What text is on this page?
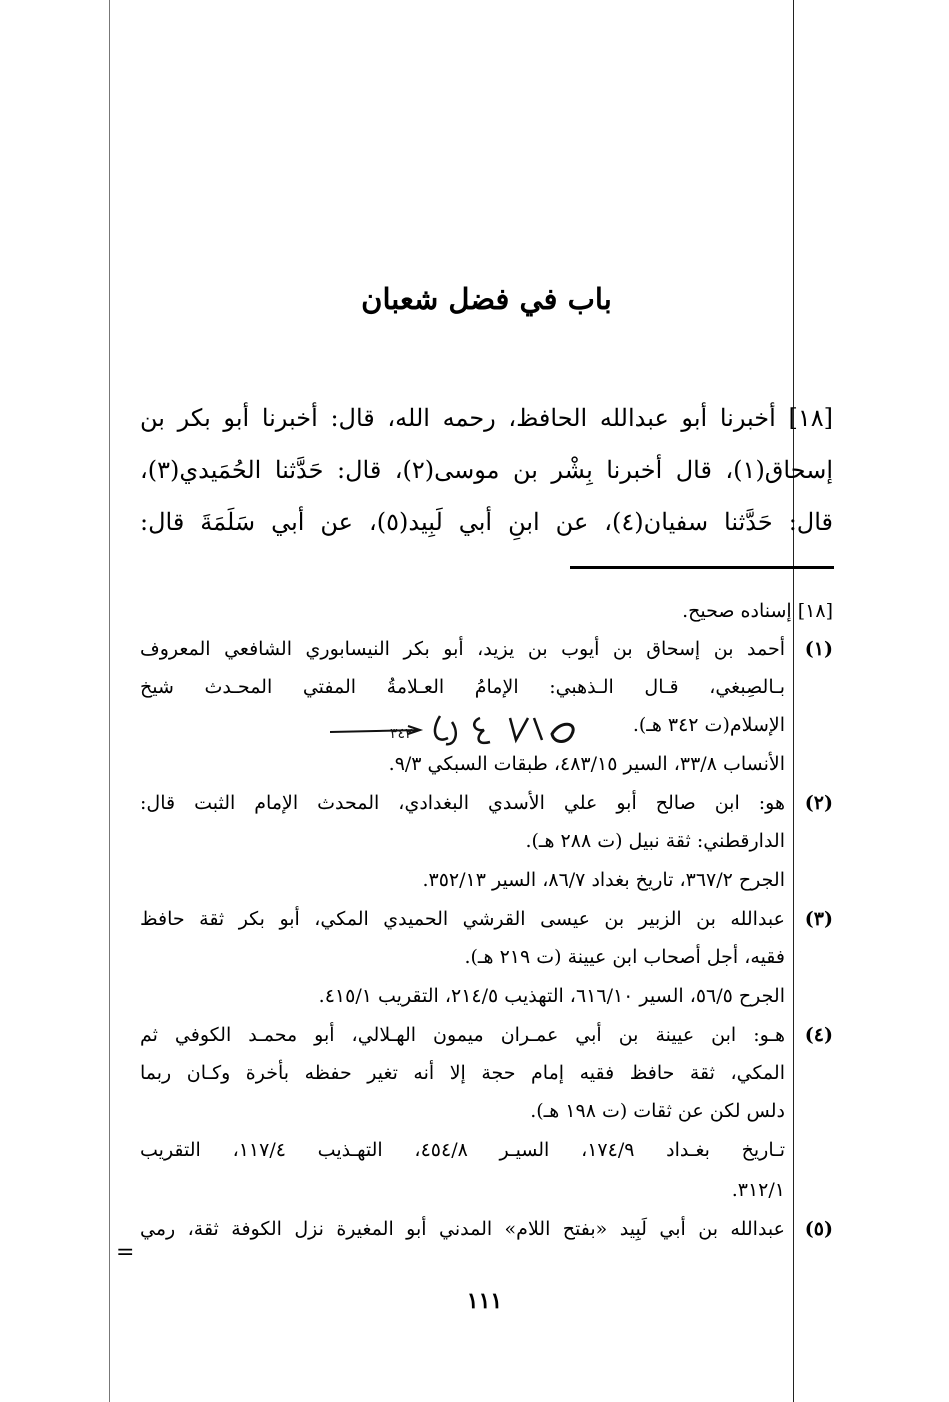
باب في فضل شعبان
[١٨] أخبرنا أبو عبدالله الحافظ، رحمه الله، قال: أخبرنا أبو بكر بن
إسحاق(١)، قال أخبرنا بِشْر بن موسى(٢)، قال: حَدَّثنا الحُمَيدي(٣)،
قال: حَدَّثنا سفيان(٤)، عن ابنِ أبي لَبِيد(٥)، عن أبي سَلَمَةَ قال:
[١٨] إسناده صحيح.
(١)
أحمد بن إسحاق بن أيوب بن يزيد، أبو بكر النيسابوري الشافعي المعروف
بـالصِبغي، قـال الـذهبي: الإمامُ العـلامةُ المفتي المحـدث شيخ
الإسلام(ت ٣٤٢ هـ).
الأنساب ٣٣/٨، السير ٤٨٣/١٥، طبقات السبكي ٩/٣.
(٢)
هو: ابن صالح أبو علي الأسدي البغدادي، المحدث الإمام الثبت قال:
الدارقطني: ثقة نبيل (ت ٢٨٨ هـ).
الجرح ٣٦٧/٢، تاريخ بغداد ٨٦/٧، السير ٣٥٢/١٣.
(٣)
عبدالله بن الزبير بن عيسى القرشي الحميدي المكي، أبو بكر ثقة حافظ
فقيه، أجل أصحاب ابن عيينة (ت ٢١٩ هـ).
الجرح ٥٦/٥، السير ٦١٦/١٠، التهذيب ٢١٤/٥، التقريب ٤١٥/١.
(٤)
هـو: ابن عيينة بن أبي عمـران ميمون الهـلالي، أبو محمـد الكوفي ثم
المكي، ثقة حافظ فقيه إمام حجة إلا أنه تغير حفظه بأخرة وكـان ربما
دلس لكن عن ثقات (ت ١٩٨ هـ).
تـاريخ بغـداد ١٧٤/٩، السيـر ٤٥٤/٨، التهـذيب ١١٧/٤، التقريب
٣١٢/١.
(٥)
عبدالله بن أبي لَبِيد «بفتح اللام» المدني أبو المغيرة نزل الكوفة ثقة، رمي
٣٤٢
=
١١١
